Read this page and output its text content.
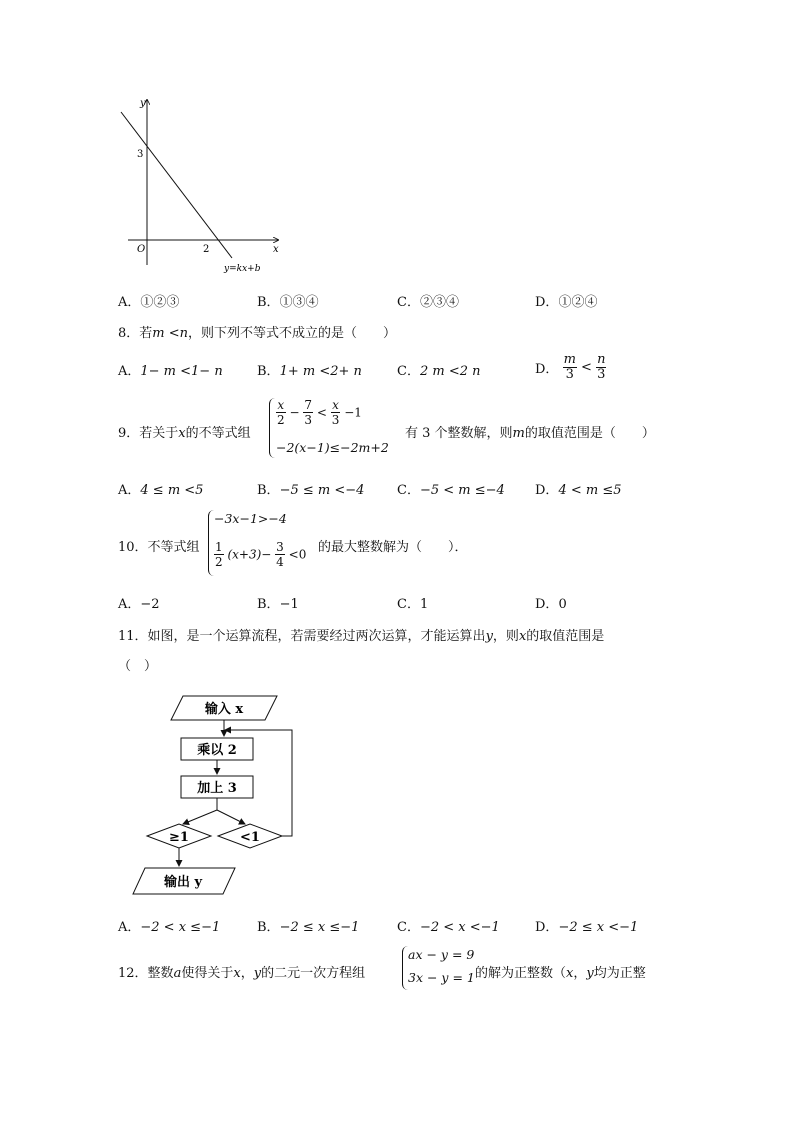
y
x
O
3
2
y=kx+b
A．①②③	B．①③④	C．②③④	D．①②④
8．若m <n，则下列不等式不成立的是（　　）
A．1− m <1− n	B．1+ m <2+ n	C．2 m <2 n	D． $\frac{m}{3} < \frac{n}{3}$
9．若关于x的不等式组
$\frac{x}{2} - \frac{7}{3} < \frac{x}{3} -1$
−2(x−1)≤−2m+2
有 3 个整数解，则m的取值范围是（　　）
A．4 ≤ m <5	B．−5 ≤ m <−4	C．−5 < m ≤−4 D．4 < m ≤5
10．不等式组
−3x−1>−4
$\frac{1}{2} (x+3)- \frac{3}{4} <0$ 的最大整数解为（　　）．
A．−2	B．−1	C．1	D．0
11．如图，是一个运算流程，若需要经过两次运算，才能运算出y，则x的取值范围是
（　）
输入 x
乘以 2
加上 3
≥1	<1
输出 y
A．−2 < x ≤−1	B．−2 ≤ x ≤−1	C．−2 < x <−1	D．−2 ≤ x <−1
12．整数a使得关于x，y的二元一次方程组
ax − y = 9
3x − y = 1 的解为正整数（x，y均为正整
